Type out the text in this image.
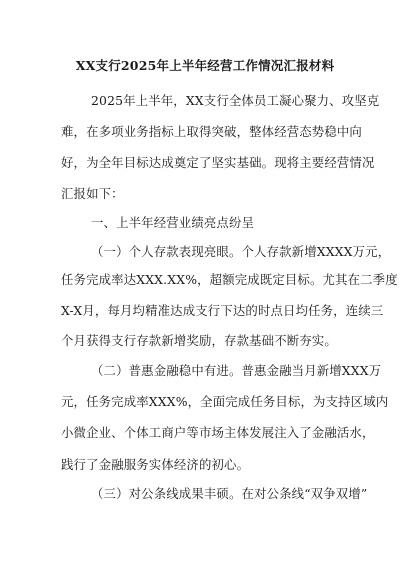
XX支行2025年上半年经营工作情况汇报材料
2025年上半年，XX支行全体员工凝心聚力、攻坚克
难，在多项业务指标上取得突破，整体经营态势稳中向
好，为全年目标达成奠定了坚实基础。现将主要经营情况
汇报如下：
一、上半年经营业绩亮点纷呈
（一）个人存款表现亮眼。个人存款新增XXXX万元，
任务完成率达XXX.XX%，超额完成既定目标。尤其在二季度
X-X月，每月均精准达成支行下达的时点日均任务，连续三
个月获得支行存款新增奖励，存款基础不断夯实。
（二）普惠金融稳中有进。普惠金融当月新增XXX万
元，任务完成率XXX%，全面完成任务目标，为支持区域内
小微企业、个体工商户等市场主体发展注入了金融活水，
践行了金融服务实体经济的初心。
（三）对公条线成果丰硕。在对公条线“双争双增”
